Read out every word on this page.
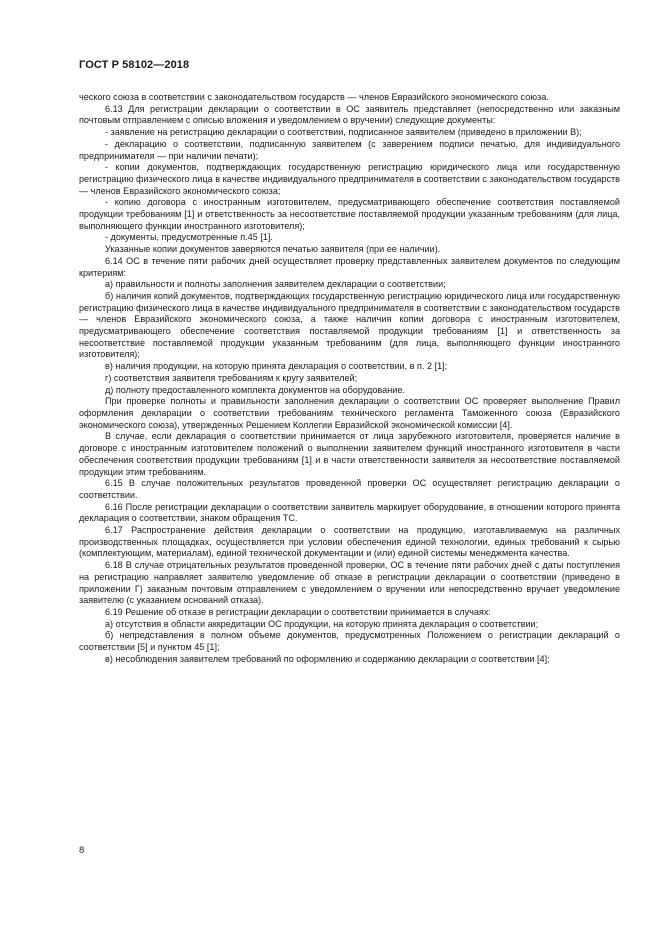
ГОСТ Р 58102—2018

ческого союза в соответствии с законодательством государств — членов Евразийского экономического союза.

6.13 Для регистрации декларации о соответствии в ОС заявитель представляет (непосредственно или заказным почтовым отправлением с описью вложения и уведомлением о вручении) следующие документы:

- заявление на регистрацию декларации о соответствии, подписанное заявителем (приведено в приложении В);

- декларацию о соответствии, подписанную заявителем (с заверением подписи печатью, для индивидуального предпринимателя — при наличии печати);

- копии документов, подтверждающих государственную регистрацию юридического лица или государственную регистрацию физического лица в качестве индивидуального предпринимателя в соответствии с законодательством государств — членов Евразийского экономического союза;

- копию договора с иностранным изготовителем, предусматривающего обеспечение соответствия поставляемой продукции требованиям [1] и ответственность за несоответствие поставляемой продукции указанным требованиям (для лица, выполняющего функции иностранного изготовителя);

- документы, предусмотренные п.45 [1].

Указанные копии документов заверяются печатью заявителя (при ее наличии).

6.14 ОС в течение пяти рабочих дней осуществляет проверку представленных заявителем документов по следующим критериям:

а) правильности и полноты заполнения заявителем декларации о соответствии;

б) наличия копий документов, подтверждающих государственную регистрацию юридического лица или государственную регистрацию физического лица в качестве индивидуального предпринимателя в соответствии с законодательством государств — членов Евразийского экономического союза, а также наличия копии договора с иностранным изготовителем, предусматривающего обеспечение соответствия поставляемой продукции требованиям [1] и ответственность за несоответствие поставляемой продукции указанным требованиям (для лица, выполняющего функции иностранного изготовителя);

в) наличия продукции, на которую принята декларация о соответствии, в п. 2 [1];

г) соответствия заявителя требованиям к кругу заявителей;

д) полноту предоставленного комплекта документов на оборудование.

При проверке полноты и правильности заполнения декларации о соответствии ОС проверяет выполнение Правил оформления декларации о соответствии требованиям технического регламента Таможенного союза (Евразийского экономического союза), утвержденных Решением Коллегии Евразийской экономической комиссии [4].

В случае, если декларация о соответствии принимается от лица зарубежного изготовителя, проверяется наличие в договоре с иностранным изготовителем положений о выполнении заявителем функций иностранного изготовителя в части обеспечения соответствия продукции требованиям [1] и в части ответственности заявителя за несоответствие поставляемой продукции этим требованиям.

6.15 В случае положительных результатов проведенной проверки ОС осуществляет регистрацию декларации о соответствии.

6.16 После регистрации декларации о соответствии заявитель маркирует оборудование, в отношении которого принята декларация о соответствии, знаком обращения ТС.

6.17 Распространение действия декларации о соответствии на продукцию, изготавливаемую на различных производственных площадках, осуществляется при условии обеспечения единой технологии, единых требований к сырью (комплектующим, материалам), единой технической документации и (или) единой системы менеджмента качества.

6.18 В случае отрицательных результатов проведенной проверки, ОС в течение пяти рабочих дней с даты поступления на регистрацию направляет заявителю уведомление об отказе в регистрации декларации о соответствии (приведено в приложении Г) заказным почтовым отправлением с уведомлением о вручении или непосредственно вручает уведомление заявителю (с указанием оснований отказа).

6.19 Решение об отказе в регистрации декларации о соответствии принимается в случаях:

а) отсутствия в области аккредитации ОС продукции, на которую принята декларация о соответствии;

б) непредставления в полном объеме документов, предусмотренных Положением о регистрации деклараций о соответствии [5] и пунктом 45 [1];

в) несоблюдения заявителем требований по оформлению и содержанию декларации о соответствии [4];

8
